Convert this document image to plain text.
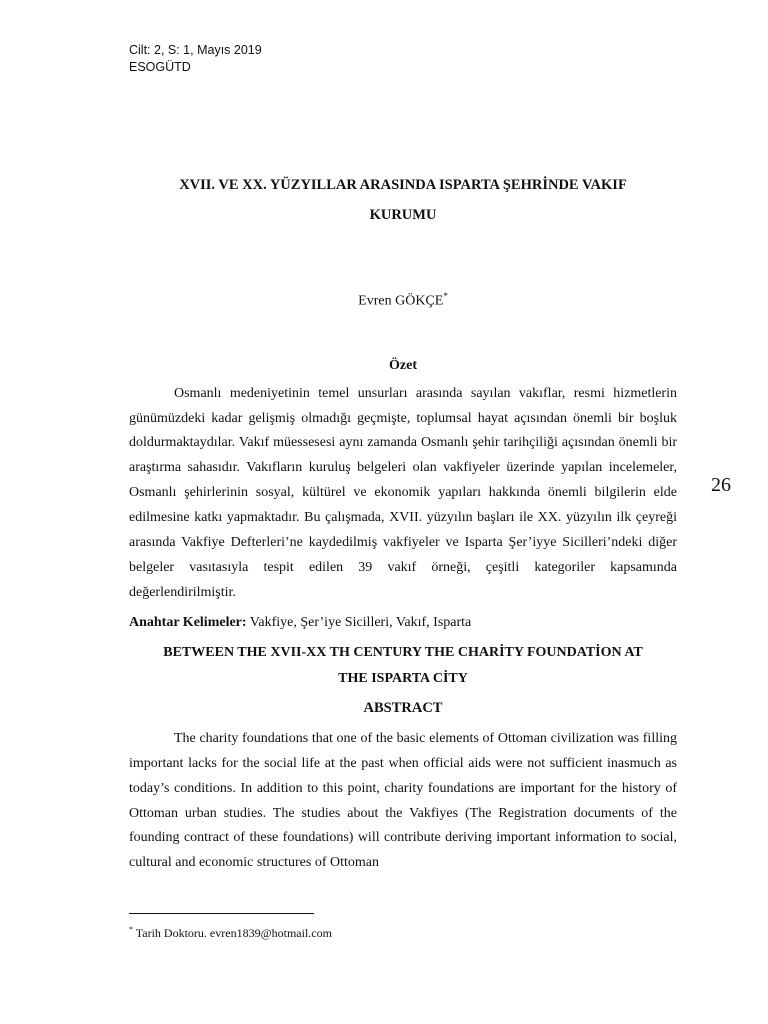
Cilt: 2, S: 1, Mayıs 2019
ESOGÜTD
26

XVII. VE XX. YÜZYILLAR ARASINDA ISPARTA ŞEHRİNDE VAKIF
KURUMU

Evren GÖKÇE*

Özet

Osmanlı medeniyetinin temel unsurları arasında sayılan vakıflar, resmi hizmetlerin günümüzdeki kadar gelişmiş olmadığı geçmişte, toplumsal hayat açısından önemli bir boşluk doldurmaktaydılar. Vakıf müessesesi aynı zamanda Osmanlı şehir tarihçiliği açısından önemli bir araştırma sahasıdır. Vakıfların kuruluş belgeleri olan vakfiyeler üzerinde yapılan incelemeler, Osmanlı şehirlerinin sosyal, kültürel ve ekonomik yapıları hakkında önemli bilgilerin elde edilmesine katkı yapmaktadır. Bu çalışmada, XVII. yüzyılın başları ile XX. yüzyılın ilk çeyreği arasında Vakfiye Defterleri’ne kaydedilmiş vakfiyeler ve Isparta Şer’iyye Sicilleri’ndeki diğer belgeler vasıtasıyla tespit edilen 39 vakıf örneği, çeşitli kategoriler kapsamında değerlendirilmiştir.

Anahtar Kelimeler: Vakfiye, Şer’iye Sicilleri, Vakıf, Isparta

BETWEEN THE XVII-XX TH CENTURY THE CHARİTY FOUNDATİON AT
THE ISPARTA CİTY

ABSTRACT

The charity foundations that one of the basic elements of Ottoman civilization was filling important lacks for the social life at the past when official aids were not sufficient inasmuch as today’s conditions. In addition to this point, charity foundations are important for the history of Ottoman urban studies. The studies about the Vakfiyes (The Registration documents of the founding contract of these foundations) will contribute deriving important information to social, cultural and economic structures of Ottoman

* Tarih Doktoru. evren1839@hotmail.com
